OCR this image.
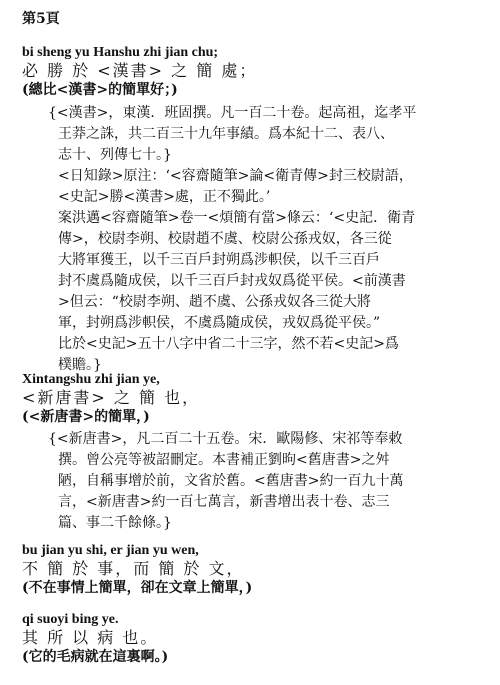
第5頁
bi sheng yu Hanshu zhi jian chu;
必 勝 於 <漢書> 之 簡 處；
(總比<漢書>的簡單好；)

{<漢書>，東漢．班固撰。凡一百二十卷。起高祖，迄孝平

王莽之誅，共二百三十九年事績。爲本紀十二、表八、

志十、列傳七十。}

<日知錄>原注：‘<容齋隨筆>論<衛青傳>封三校尉語，

<史記>勝<漢書>處，正不獨此。’

案洪邁<容齋隨筆>卷一<煩簡有當>條云：‘<史記．衛青

傳>，校尉李朔、校尉趙不虞、校尉公孫戎奴，各三從

大將軍獲王，以千三百戶封朔爲涉軹侯，以千三百戶

封不虞爲隨成侯，以千三百戶封戎奴爲從平侯。<前漢書

>但云：“校尉李朔、趙不虞、公孫戎奴各三從大將

軍，封朔爲涉軹侯，不虞爲隨成侯，戎奴爲從平侯。”

比於<史記>五十八字中省二十三字，然不若<史記>爲

樸贍。}

Xintangshu zhi jian ye,
<新唐書> 之 簡 也，
(<新唐書>的簡單，)

{<新唐書>，凡二百二十五卷。宋．歐陽修、宋祁等奉敕

撰。曾公亮等被詔刪定。本書補正劉昫<舊唐書>之舛

陋，自稱事增於前，文省於舊。<舊唐書>約一百九十萬

言，<新唐書>約一百七萬言，新書增出表十卷、志三

篇、事二千餘條。}

bu jian yu shi, er jian yu wen,
不 簡 於 事，而 簡 於 文，
(不在事情上簡單，卻在文章上簡單，)
qi suoyi bing ye.
其 所 以 病 也。
(它的毛病就在這裏啊。)
